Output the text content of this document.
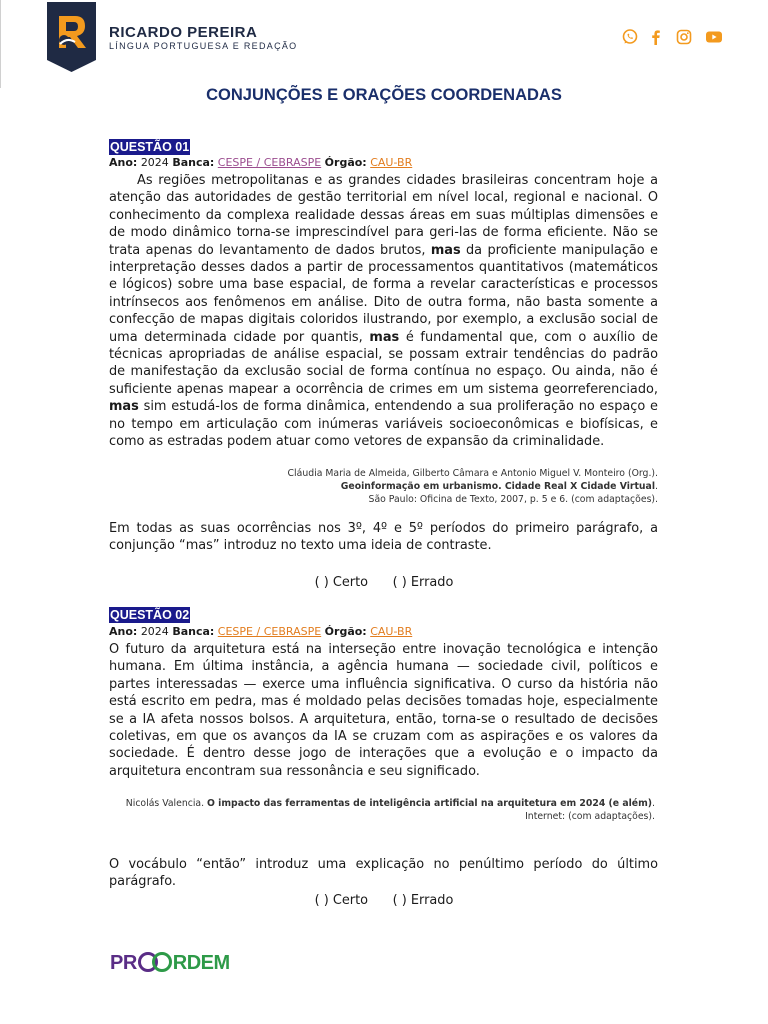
RICARDO PEREIRA
LÍNGUA PORTUGUESA E REDAÇÃO
CONJUNÇÕES E ORAÇÕES COORDENADAS
QUESTÃO 01
Ano: 2024 Banca: CESPE / CEBRASPE Órgão: CAU-BR

As regiões metropolitanas e as grandes cidades brasileiras concentram hoje a atenção das autoridades de gestão territorial em nível local, regional e nacional. O conhecimento da complexa realidade dessas áreas em suas múltiplas dimensões e de modo dinâmico torna-se imprescindível para geri-las de forma eficiente. Não se trata apenas do levantamento de dados brutos, mas da proficiente manipulação e interpretação desses dados a partir de processamentos quantitativos (matemáticos e lógicos) sobre uma base espacial, de forma a revelar características e processos intrínsecos aos fenômenos em análise. Dito de outra forma, não basta somente a confecção de mapas digitais coloridos ilustrando, por exemplo, a exclusão social de uma determinada cidade por quantis, mas é fundamental que, com o auxílio de técnicas apropriadas de análise espacial, se possam extrair tendências do padrão de manifestação da exclusão social de forma contínua no espaço. Ou ainda, não é suficiente apenas mapear a ocorrência de crimes em um sistema georreferenciado, mas sim estudá-los de forma dinâmica, entendendo a sua proliferação no espaço e no tempo em articulação com inúmeras variáveis socioeconômicas e biofísicas, e como as estradas podem atuar como vetores de expansão da criminalidade.

Cláudia Maria de Almeida, Gilberto Câmara e Antonio Miguel V. Monteiro (Org.).
Geoinformação em urbanismo. Cidade Real X Cidade Virtual.
São Paulo: Oficina de Texto, 2007, p. 5 e 6. (com adaptações).
Em todas as suas ocorrências nos 3º, 4º e 5º períodos do primeiro parágrafo, a conjunção “mas” introduz no texto uma ideia de contraste.
( ) Certo ( ) Errado
QUESTÃO 02
Ano: 2024 Banca: CESPE / CEBRASPE Órgão: CAU-BR

O futuro da arquitetura está na interseção entre inovação tecnológica e intenção humana. Em última instância, a agência humana — sociedade civil, políticos e partes interessadas — exerce uma influência significativa. O curso da história não está escrito em pedra, mas é moldado pelas decisões tomadas hoje, especialmente se a IA afeta nossos bolsos. A arquitetura, então, torna-se o resultado de decisões coletivas, em que os avanços da IA se cruzam com as aspirações e os valores da sociedade. É dentro desse jogo de interações que a evolução e o impacto da arquitetura encontram sua ressonância e seu significado.

Nicolás Valencia. O impacto das ferramentas de inteligência artificial na arquitetura em 2024 (e além).
Internet: (com adaptações).
O vocábulo “então” introduz uma explicação no penúltimo período do último parágrafo.
( ) Certo ( ) Errado
PR RDEM
